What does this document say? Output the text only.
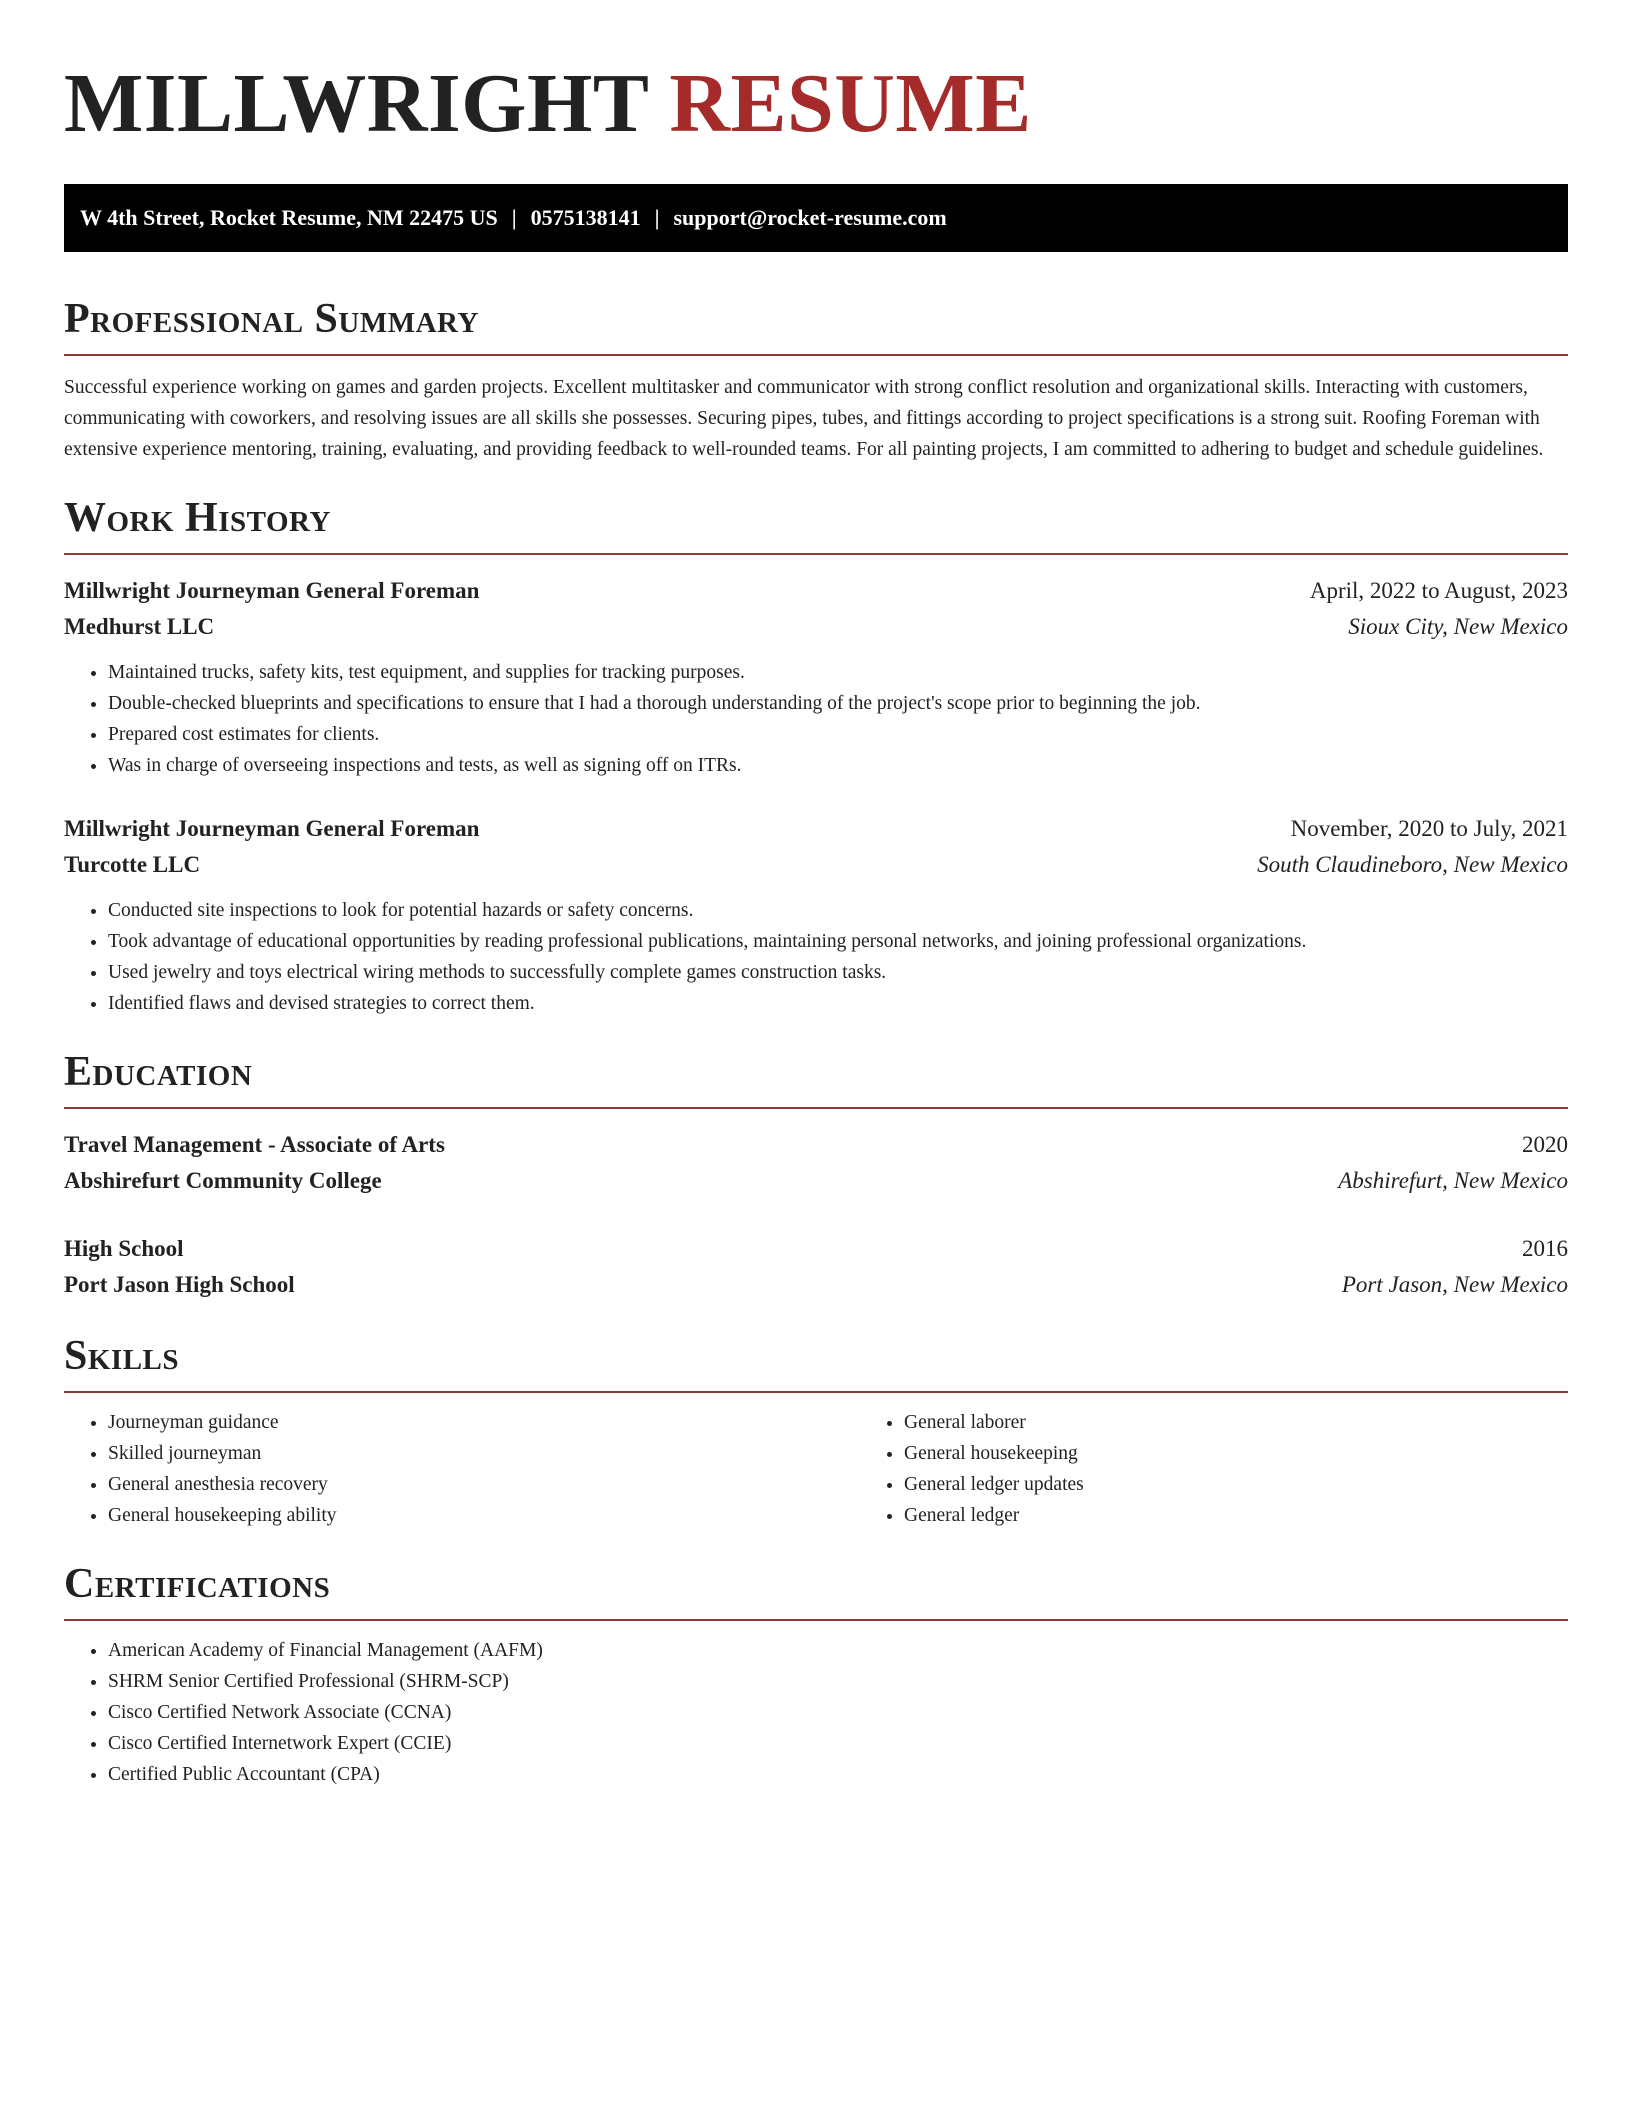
MILLWRIGHT RESUME
W 4th Street, Rocket Resume, NM 22475 US | 0575138141 | support@rocket-resume.com
Professional Summary

Successful experience working on games and garden projects. Excellent multitasker and communicator with strong conflict resolution and organizational skills. Interacting with customers, communicating with coworkers, and resolving issues are all skills she possesses. Securing pipes, tubes, and fittings according to project specifications is a strong suit. Roofing Foreman with extensive experience mentoring, training, evaluating, and providing feedback to well-rounded teams. For all painting projects, I am committed to adhering to budget and schedule guidelines.

Work History
Millwright Journeyman General Foreman	April, 2022 to August, 2023
Medhurst LLC	Sioux City, New Mexico
• Maintained trucks, safety kits, test equipment, and supplies for tracking purposes.
• Double-checked blueprints and specifications to ensure that I had a thorough understanding of the project's scope prior to beginning the job.
• Prepared cost estimates for clients.
• Was in charge of overseeing inspections and tests, as well as signing off on ITRs.
Millwright Journeyman General Foreman	November, 2020 to July, 2021
Turcotte LLC	South Claudineboro, New Mexico
• Conducted site inspections to look for potential hazards or safety concerns.
• Took advantage of educational opportunities by reading professional publications, maintaining personal networks, and joining professional organizations.
• Used jewelry and toys electrical wiring methods to successfully complete games construction tasks.
• Identified flaws and devised strategies to correct them.
Education
Travel Management - Associate of Arts	2020
Abshirefurt Community College	Abshirefurt, New Mexico
High School	2016
Port Jason High School	Port Jason, New Mexico
Skills
• Journeyman guidance
• Skilled journeyman
• General anesthesia recovery
• General housekeeping ability
• General laborer
• General housekeeping
• General ledger updates
• General ledger
Certifications
• American Academy of Financial Management (AAFM)
• SHRM Senior Certified Professional (SHRM-SCP)
• Cisco Certified Network Associate (CCNA)
• Cisco Certified Internetwork Expert (CCIE)
• Certified Public Accountant (CPA)
